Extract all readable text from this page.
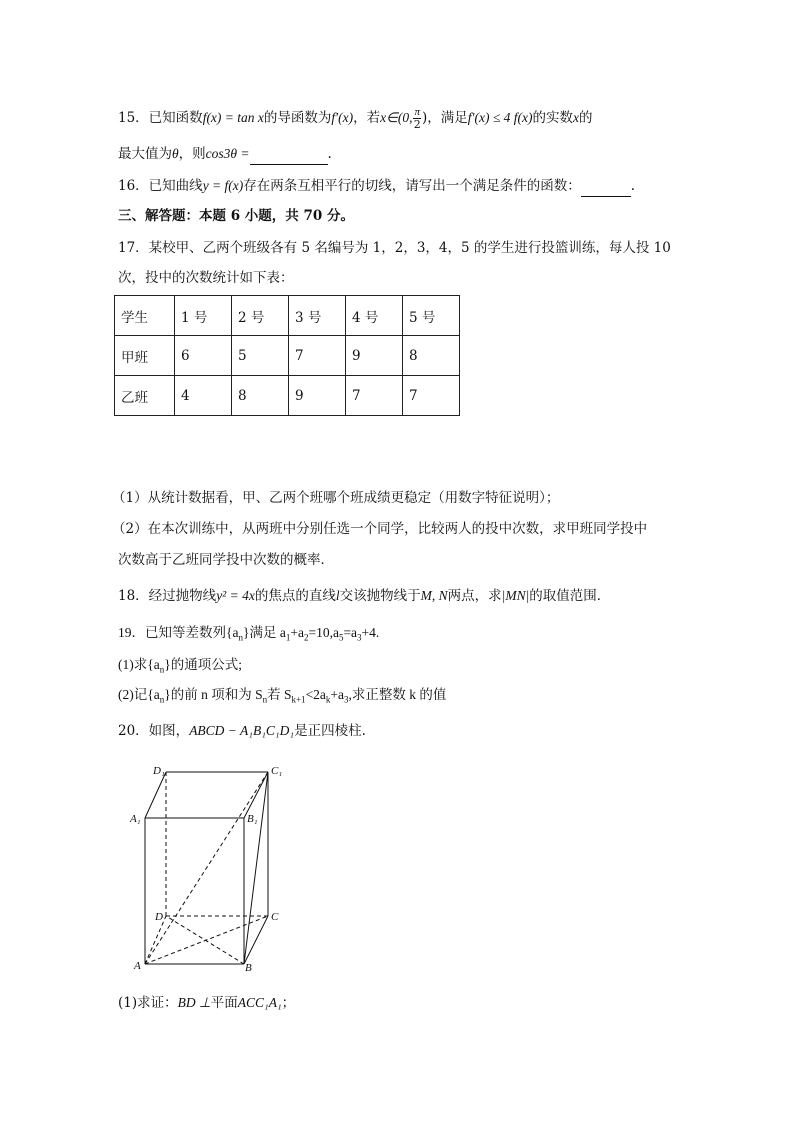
15．已知函数f(x) = tan x的导函数为f′(x)，若x∈(0, $\frac{\pi}{2}$ )，满足f′(x) ≤ 4 f(x)的实数x的
最大值为θ，则cos3θ =	.
16．已知曲线y = f(x)存在两条互相平行的切线，请写出一个满足条件的函数：	.
三、解答题：本题 6 小题，共 70 分。
17．某校甲、乙两个班级各有 5 名编号为 1，2，3，4，5 的学生进行投篮训练，每人投 10
次，投中的次数统计如下表：
学生	1 号	2 号	3 号	4 号	5 号
甲班	6	5	7	9	8
乙班	4	8	9	7	7
（1）从统计数据看，甲、乙两个班哪个班成绩更稳定（用数字特征说明）；
（2）在本次训练中，从两班中分别任选一个同学，比较两人的投中次数，求甲班同学投中
次数高于乙班同学投中次数的概率．
18．经过抛物线y² = 4x的焦点的直线l交该抛物线于M, N两点，求|MN|的取值范围．
19．已知等差数列$\{a_n\}$满足 $a_1+a_2=10,a_5=a_3+4$.
(1)求$\{a_n\}$的通项公式;
(2)记$\{a_n\}$的前 n 项和为 $S_n$若 $S_{k+1}<2a_k+a_3$,求正整数 k 的值
20．如图，ABCD − A₁B₁C₁D₁是正四棱柱.
D₁	C₁
A₁	B₁
D	C
A	B
(1)求证：BD ⊥平面ACC₁A₁；
